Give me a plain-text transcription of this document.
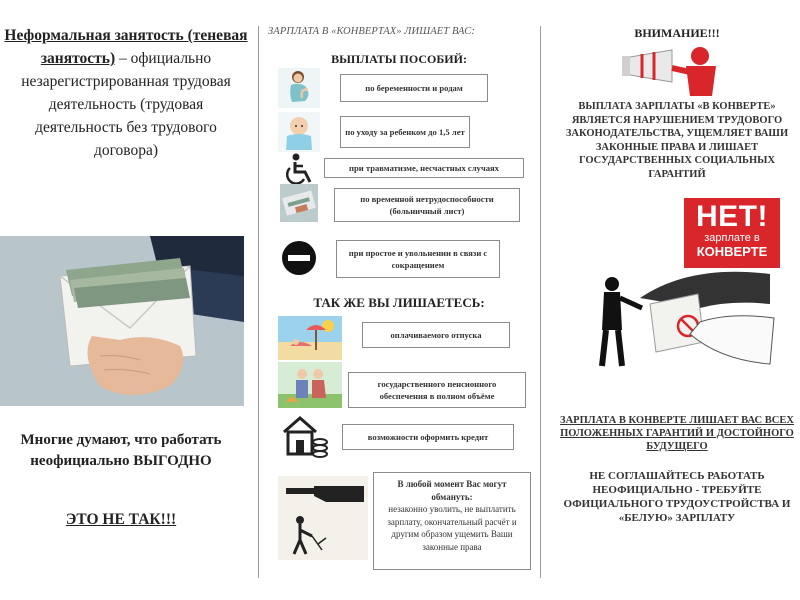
Неформальная занятость (теневая занятость) – официально незарегистрированная трудовая деятельность (трудовая деятельность без трудового договора)
Многие думают, что работать неофициально ВЫГОДНО
ЭТО НЕ ТАК!!!
ЗАРПЛАТА В «КОНВЕРТАХ» ЛИШАЕТ ВАС:
ВЫПЛАТЫ ПОСОБИЙ:
по беременности и родам
по уходу за ребенком до 1,5 лет
при травматизме, несчастных случаях
по временной нетрудоспособности (больничный лист)
при простое и увольнении в связи с сокращением
ТАК ЖЕ ВЫ ЛИШАЕТЕСЬ:
оплачиваемого отпуска
государственного пенсионного обеспечения в полном объёме
возможности оформить кредит
В любой момент Вас могут обмануть:
незаконно уволить, не выплатить зарплату, окончательный расчёт и другим образом ущемить Ваши законные права
ВНИМАНИЕ!!!
ВЫПЛАТА ЗАРПЛАТЫ «В КОНВЕРТЕ» ЯВЛЯЕТСЯ НАРУШЕНИЕМ ТРУДОВОГО ЗАКОНОДАТЕЛЬСТВА, УЩЕМЛЯЕТ ВАШИ ЗАКОННЫЕ ПРАВА И ЛИШАЕТ ГОСУДАРСТВЕННЫХ СОЦИАЛЬНЫХ ГАРАНТИЙ
НЕТ!
зарплате в
КОНВЕРТЕ
ЗАРПЛАТА В КОНВЕРТЕ ЛИШАЕТ ВАС ВСЕХ ПОЛОЖЕННЫХ ГАРАНТИЙ И ДОСТОЙНОГО БУДУЩЕГО
НЕ СОГЛАШАЙТЕСЬ РАБОТАТЬ НЕОФИЦИАЛЬНО - ТРЕБУЙТЕ ОФИЦИАЛЬНОГО ТРУДОУСТРОЙСТВА И «БЕЛУЮ» ЗАРПЛАТУ
